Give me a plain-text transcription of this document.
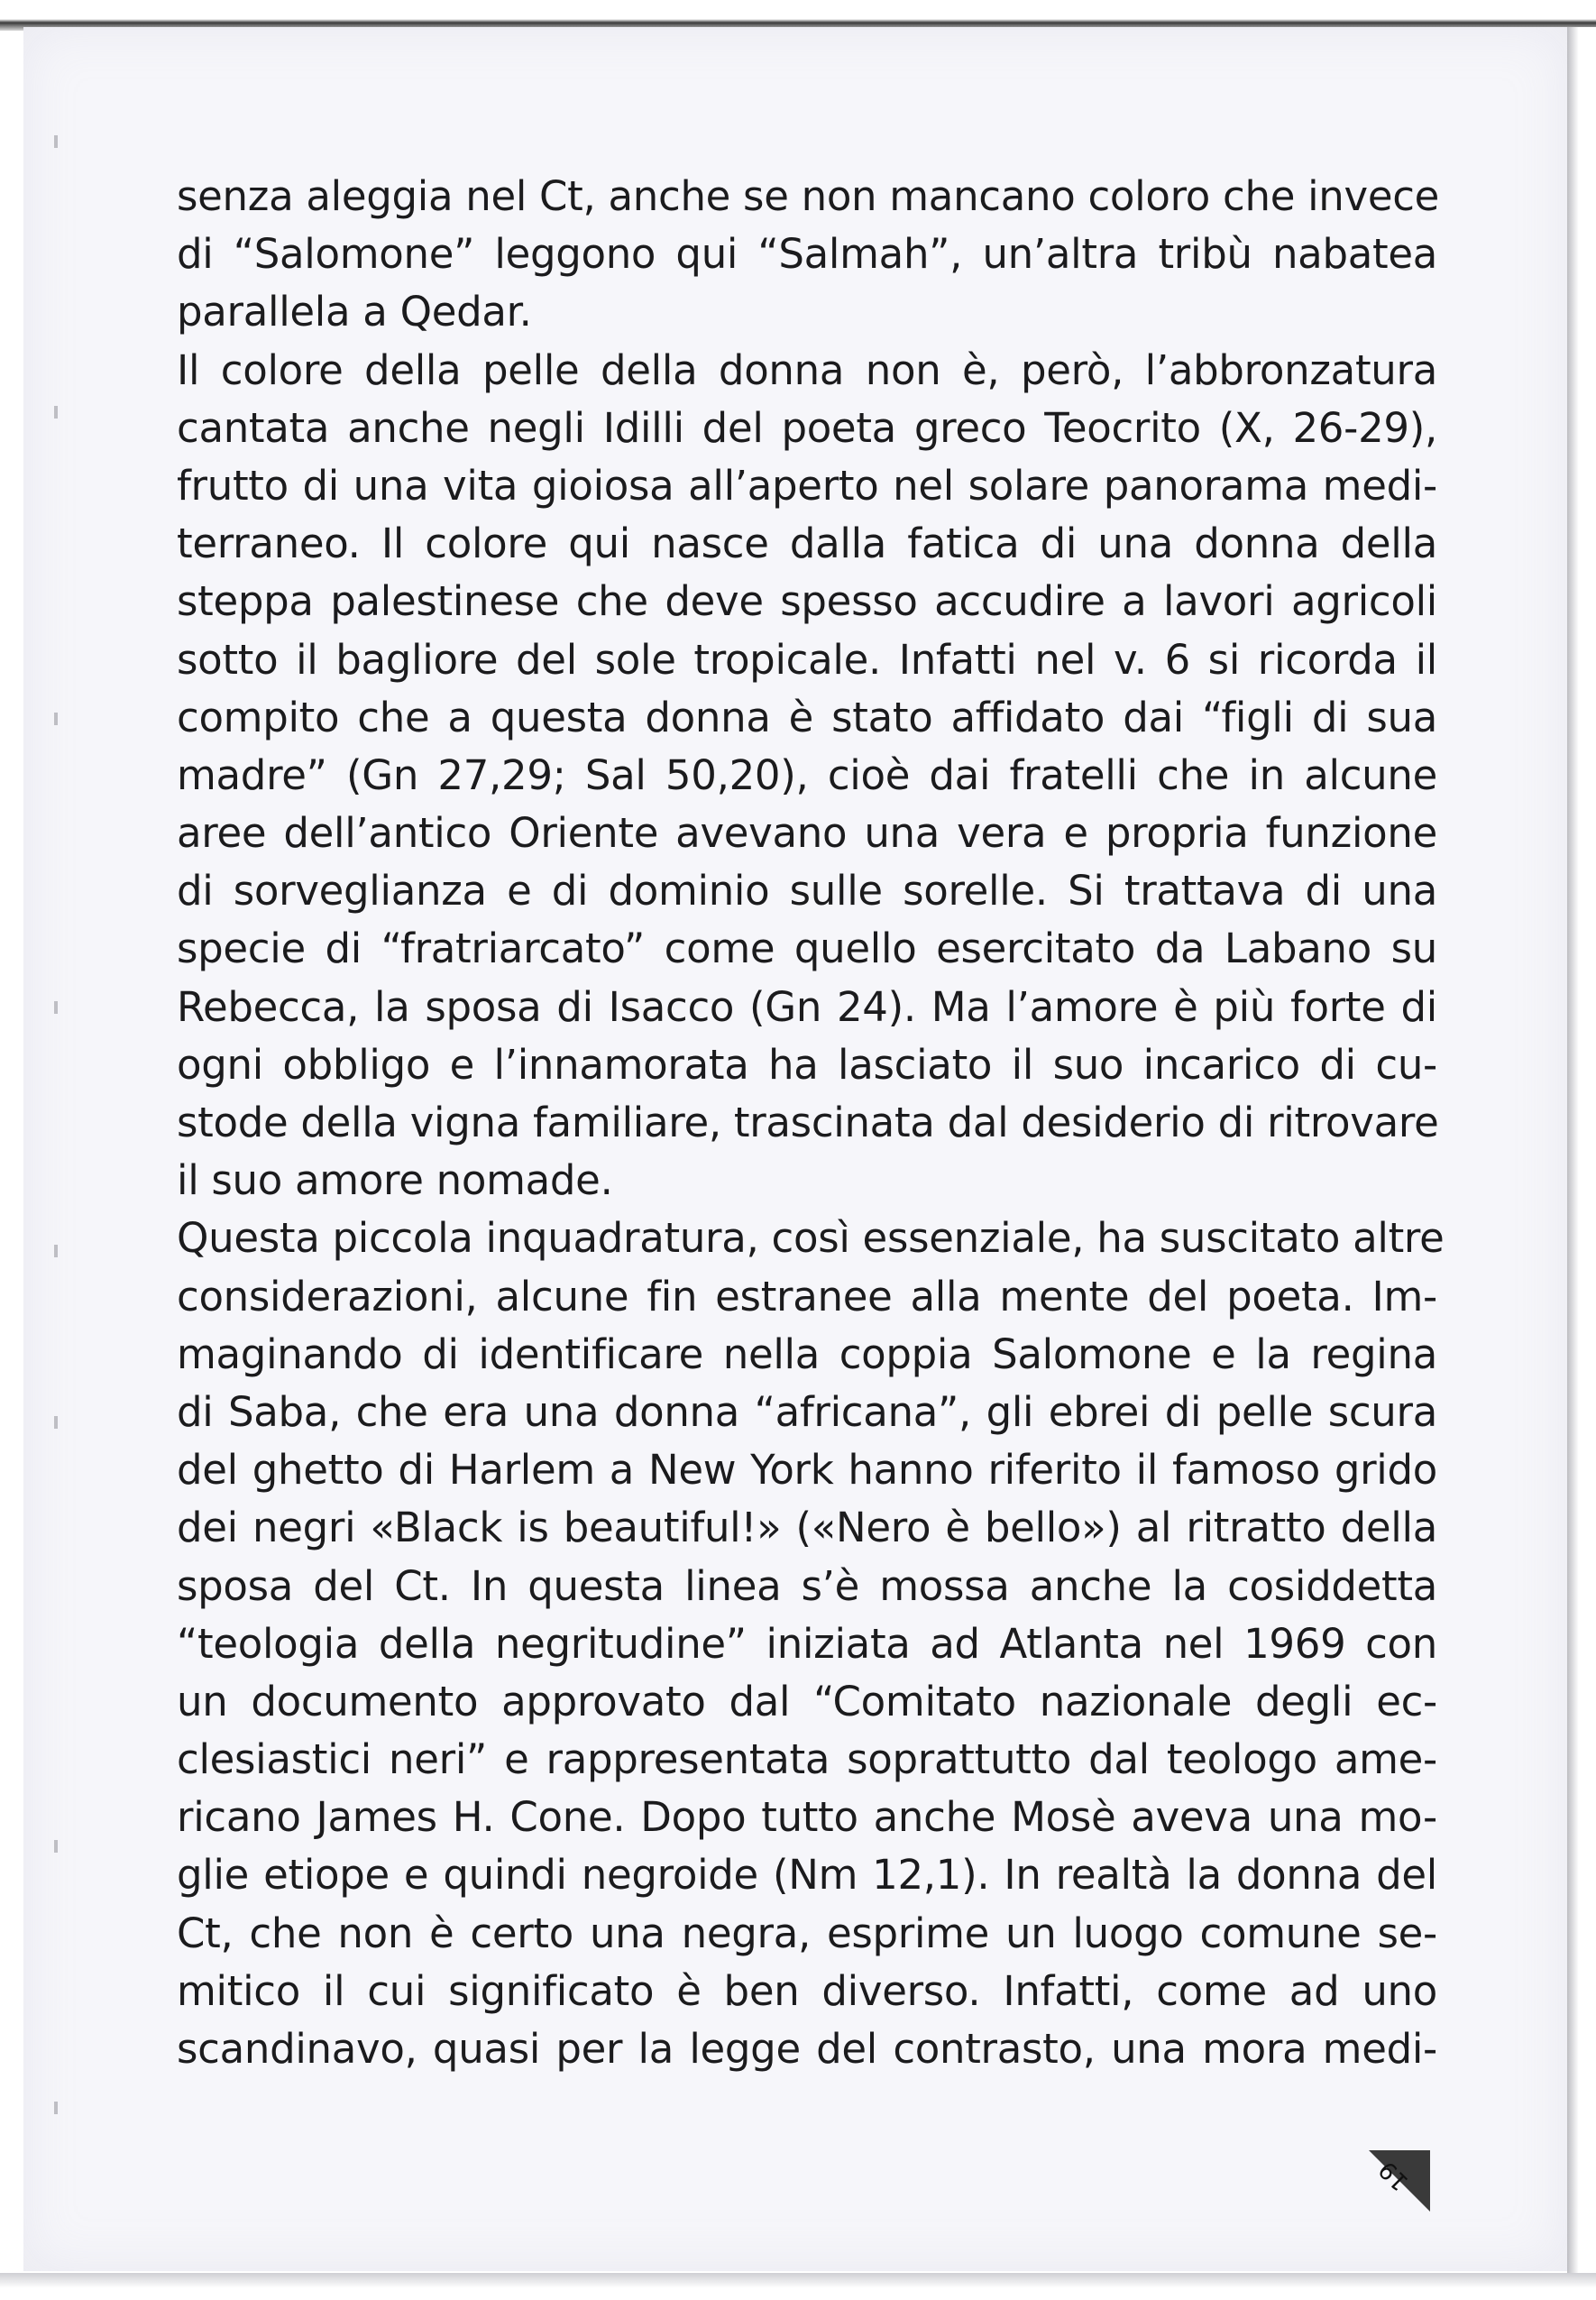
senza aleggia nel Ct, anche se non mancano coloro che invece
di “Salomone” leggono qui “Salmah”, un’altra tribù nabatea
parallela a Qedar.
Il colore della pelle della donna non è, però, l’abbronzatura
cantata anche negli Idilli del poeta greco Teocrito (X, 26-29),
frutto di una vita gioiosa all’aperto nel solare panorama medi-
terraneo. Il colore qui nasce dalla fatica di una donna della
steppa palestinese che deve spesso accudire a lavori agricoli
sotto il bagliore del sole tropicale. Infatti nel v. 6 si ricorda il
compito che a questa donna è stato affidato dai “figli di sua
madre” (Gn 27,29; Sal 50,20), cioè dai fratelli che in alcune
aree dell’antico Oriente avevano una vera e propria funzione
di sorveglianza e di dominio sulle sorelle. Si trattava di una
specie di “fratriarcato” come quello esercitato da Labano su
Rebecca, la sposa di Isacco (Gn 24). Ma l’amore è più forte di
ogni obbligo e l’innamorata ha lasciato il suo incarico di cu-
stode della vigna familiare, trascinata dal desiderio di ritrovare
il suo amore nomade.
Questa piccola inquadratura, così essenziale, ha suscitato altre
considerazioni, alcune fin estranee alla mente del poeta. Im-
maginando di identificare nella coppia Salomone e la regina
di Saba, che era una donna “africana”, gli ebrei di pelle scura
del ghetto di Harlem a New York hanno riferito il famoso grido
dei negri «Black is beautiful!» («Nero è bello») al ritratto della
sposa del Ct. In questa linea s’è mossa anche la cosiddetta
“teologia della negritudine” iniziata ad Atlanta nel 1969 con
un documento approvato dal “Comitato nazionale degli ec-
clesiastici neri” e rappresentata soprattutto dal teologo ame-
ricano James H. Cone. Dopo tutto anche Mosè aveva una mo-
glie etiope e quindi negroide (Nm 12,1). In realtà la donna del
Ct, che non è certo una negra, esprime un luogo comune se-
mitico il cui significato è ben diverso. Infatti, come ad uno
scandinavo, quasi per la legge del contrasto, una mora medi-
19
